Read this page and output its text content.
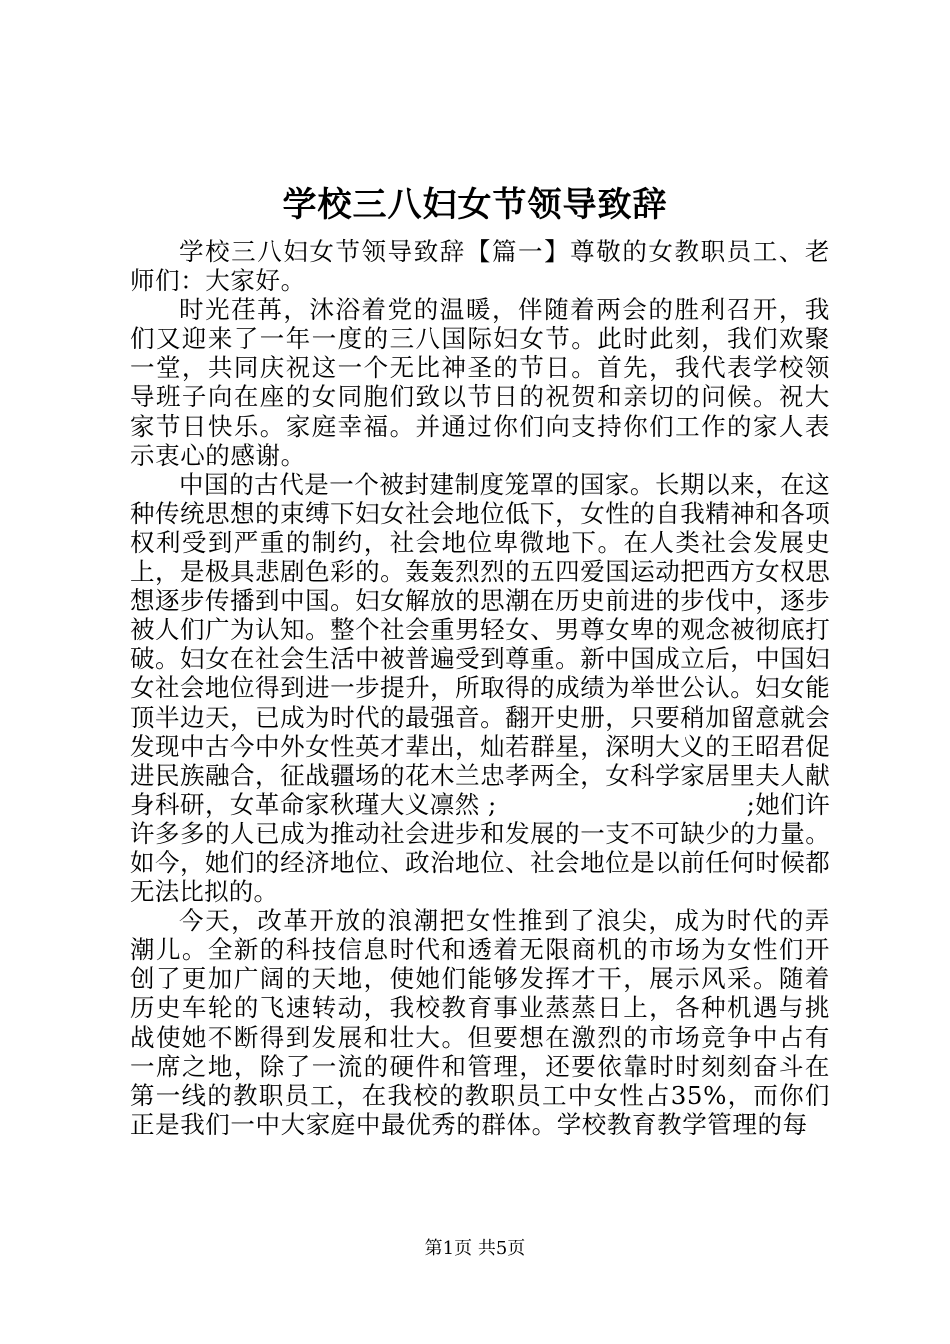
学校三八妇女节领导致辞

学校三八妇女节领导致辞【篇一】尊敬的女教职员工、老师们：大家好。

时光荏苒，沐浴着党的温暖，伴随着两会的胜利召开，我们又迎来了一年一度的三八国际妇女节。此时此刻，我们欢聚一堂，共同庆祝这一个无比神圣的节日。首先，我代表学校领导班子向在座的女同胞们致以节日的祝贺和亲切的问候。祝大家节日快乐。家庭幸福。并通过你们向支持你们工作的家人表示衷心的感谢。

中国的古代是一个被封建制度笼罩的国家。长期以来，在这种传统思想的束缚下妇女社会地位低下，女性的自我精神和各项权利受到严重的制约，社会地位卑微地下。在人类社会发展史上，是极具悲剧色彩的。轰轰烈烈的五四爱国运动把西方女权思想逐步传播到中国。妇女解放的思潮在历史前进的步伐中，逐步被人们广为认知。整个社会重男轻女、男尊女卑的观念被彻底打破。妇女在社会生活中被普遍受到尊重。新中国成立后，中国妇女社会地位得到进一步提升，所取得的成绩为举世公认。妇女能顶半边天，已成为时代的最强音。翻开史册，只要稍加留意就会发现中古今中外女性英才辈出，灿若群星，深明大义的王昭君促进民族融合，征战疆场的花木兰忠孝两全，女科学家居里夫人献身科研，女革命家秋瑾大义凛然 ;　　　　　　　　　　;她们许许多多的人已成为推动社会进步和发展的一支不可缺少的力量。如今，她们的经济地位、政治地位、社会地位是以前任何时候都无法比拟的。

今天，改革开放的浪潮把女性推到了浪尖，成为时代的弄潮儿。全新的科技信息时代和透着无限商机的市场为女性们开创了更加广阔的天地，使她们能够发挥才干，展示风采。随着历史车轮的飞速转动，我校教育事业蒸蒸日上，各种机遇与挑战使她不断得到发展和壮大。但要想在激烈的市场竞争中占有一席之地，除了一流的硬件和管理，还要依靠时时刻刻奋斗在第一线的教职员工，在我校的教职员工中女性占35%，而你们正是我们一中大家庭中最优秀的群体。学校教育教学管理的每

第1页 共5页
